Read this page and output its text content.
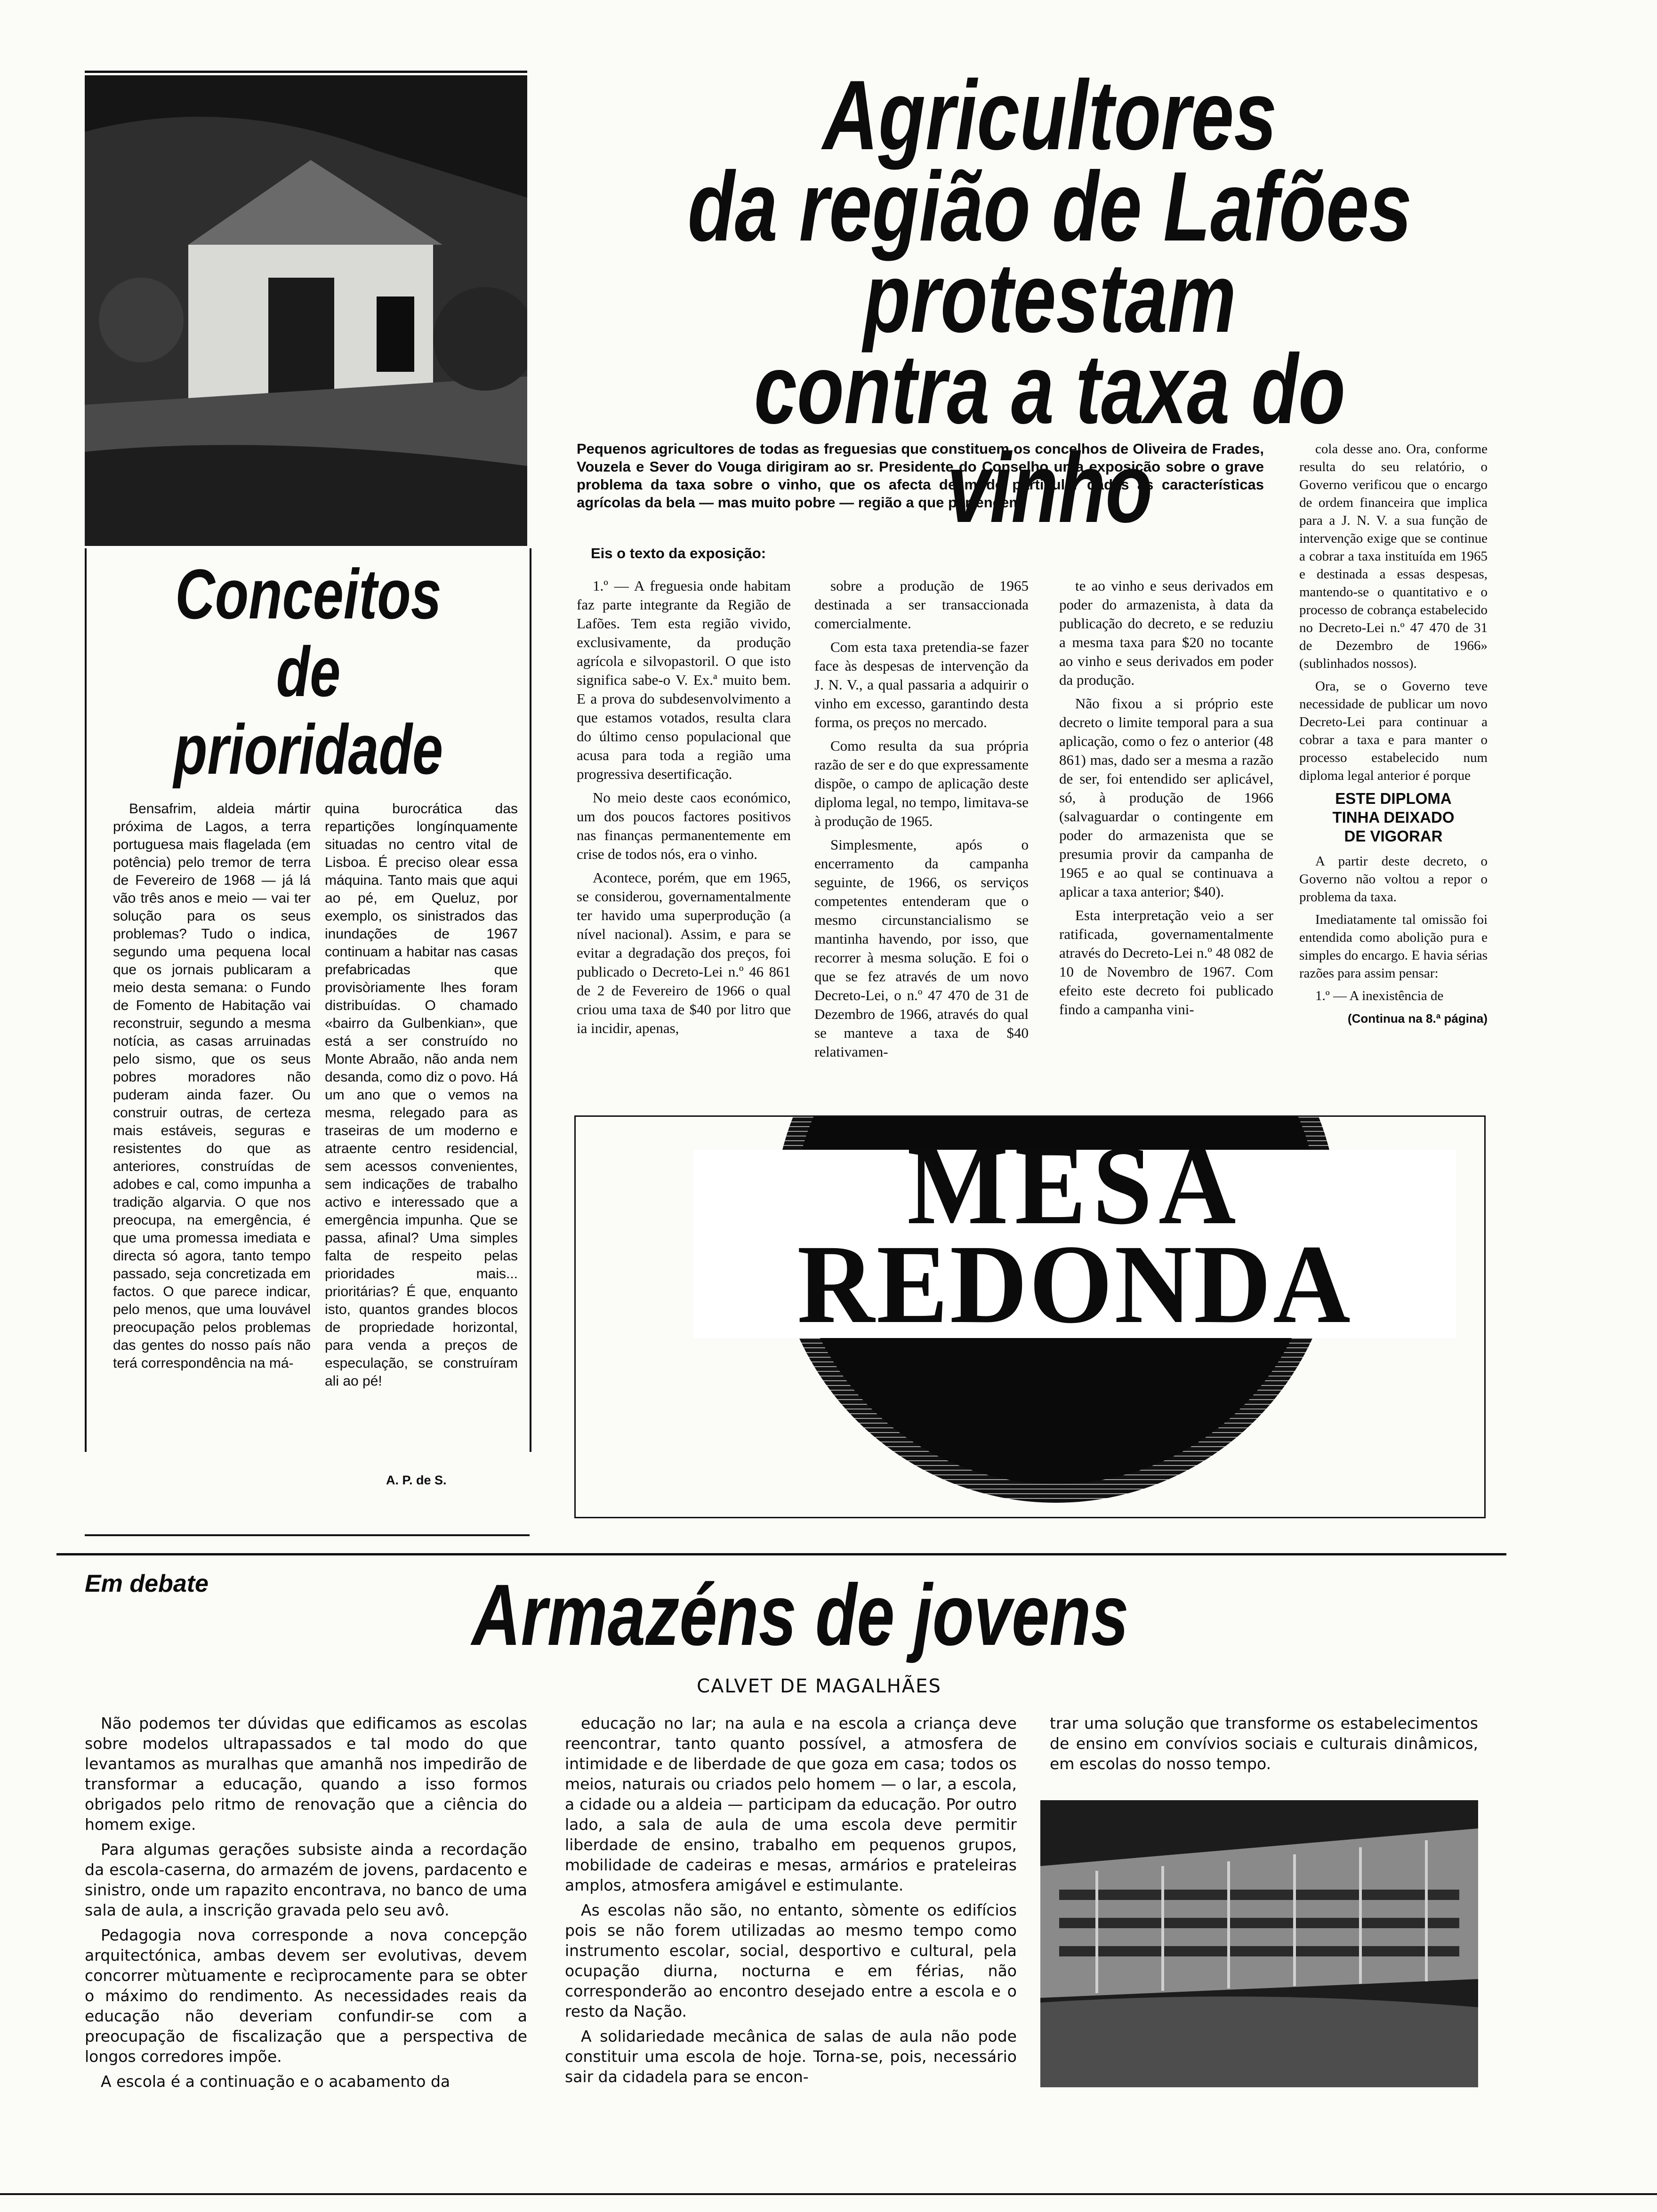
Agricultores
da região de Lafões
protestam
contra a taxa do vinho
Pequenos agricultores de todas as freguesias que constituem os concelhos de Oliveira de Frades, Vouzela e Sever do Vouga dirigiram ao sr. Presidente do Conselho uma exposição sobre o grave problema da taxa sobre o vinho, que os afecta de modo particular dadas as características agrícolas da bela — mas muito pobre — região a que pertencem.
Eis o texto da exposição:

1.º — A freguesia onde habitam faz parte integrante da Região de Lafões. Tem esta região vivido, exclusivamente, da produção agrícola e silvopastoril. O que isto significa sabe-o V. Ex.ª muito bem. E a prova do subdesenvolvimento a que estamos votados, resulta clara do último censo populacional que acusa para toda a região uma progressiva desertificação.

No meio deste caos económico, um dos poucos factores positivos nas finanças permanentemente em crise de todos nós, era o vinho.

Acontece, porém, que em 1965, se considerou, governamentalmente ter havido uma superprodução (a nível nacional). Assim, e para se evitar a degradação dos preços, foi publicado o Decreto-Lei n.º 46 861 de 2 de Fevereiro de 1966 o qual criou uma taxa de $40 por litro que ia incidir, apenas,

sobre a produção de 1965 destinada a ser transaccionada comercialmente.

Com esta taxa pretendia-se fazer face às despesas de intervenção da J. N. V., a qual passaria a adquirir o vinho em excesso, garantindo desta forma, os preços no mercado.

Como resulta da sua própria razão de ser e do que expressamente dispõe, o campo de aplicação deste diploma legal, no tempo, limitava-se à produção de 1965.

Simplesmente, após o encerramento da campanha seguinte, de 1966, os serviços competentes entenderam que o mesmo circunstancialismo se mantinha havendo, por isso, que recorrer à mesma solução. E foi o que se fez através de um novo Decreto-Lei, o n.º 47 470 de 31 de Dezembro de 1966, através do qual se manteve a taxa de $40 relativamen-

te ao vinho e seus derivados em poder do armazenista, à data da publicação do decreto, e se reduziu a mesma taxa para $20 no tocante ao vinho e seus derivados em poder da produção.

Não fixou a si próprio este decreto o limite temporal para a sua aplicação, como o fez o anterior (48 861) mas, dado ser a mesma a razão de ser, foi entendido ser aplicável, só, à produção de 1966 (salvaguardar o contingente em poder do armazenista que se presumia provir da campanha de 1965 e ao qual se continuava a aplicar a taxa anterior; $40).

Esta interpretação veio a ser ratificada, governamentalmente através do Decreto-Lei n.º 48 082 de 10 de Novembro de 1967. Com efeito este decreto foi publicado findo a campanha vini-

cola desse ano. Ora, conforme resulta do seu relatório, o Governo verificou que o encargo de ordem financeira que implica para a J. N. V. a sua função de intervenção exige que se continue a cobrar a taxa instituída em 1965 e destinada a essas despesas, mantendo-se o quantitativo e o processo de cobrança estabelecido no Decreto-Lei n.º 47 470 de 31 de Dezembro de 1966» (sublinhados nossos).

Ora, se o Governo teve necessidade de publicar um novo Decreto-Lei para continuar a cobrar a taxa e para manter o processo estabelecido num diploma legal anterior é porque

ESTE DIPLOMA
TINHA DEIXADO
DE VIGORAR

A partir deste decreto, o Governo não voltou a repor o problema da taxa.

Imediatamente tal omissão foi entendida como abolição pura e simples do encargo. E havia sérias razões para assim pensar:

1.º — A inexistência de

(Continua na 8.ª página)
Conceitos
de
prioridade
Bensafrim, aldeia mártir próxima de Lagos, a terra portuguesa mais flagelada (em potência) pelo tremor de terra de Fevereiro de 1968 — já lá vão três anos e meio — vai ter solução para os seus problemas? Tudo o indica, segundo uma pequena local que os jornais publicaram a meio desta semana: o Fundo de Fomento de Habitação vai reconstruir, segundo a mesma notícia, as casas arruinadas pelo sismo, que os seus pobres moradores não puderam ainda fazer. Ou construir outras, de certeza mais estáveis, seguras e resistentes do que as anteriores, construídas de adobes e cal, como impunha a tradição algarvia. O que nos preocupa, na emergência, é que uma promessa imediata e directa só agora, tanto tempo passado, seja concretizada em factos. O que parece indicar, pelo menos, que uma louvável preocupação pelos problemas das gentes do nosso país não terá correspondência na má-
quina burocrática das repartições longínquamente situadas no centro vital de Lisboa. É preciso olear essa máquina. Tanto mais que aqui ao pé, em Queluz, por exemplo, os sinistrados das inundações de 1967 continuam a habitar nas casas prefabricadas que provisòriamente lhes foram distribuídas. O chamado «bairro da Gulbenkian», que está a ser construído no Monte Abraão, não anda nem desanda, como diz o povo. Há um ano que o vemos na mesma, relegado para as traseiras de um moderno e atraente centro residencial, sem acessos convenientes, sem indicações de trabalho activo e interessado que a emergência impunha. Que se passa, afinal? Uma simples falta de respeito pelas prioridades mais... prioritárias? É que, enquanto isto, quantos grandes blocos de propriedade horizontal, para venda a preços de especulação, se construíram ali ao pé!
A. P. de S.
MESA
REDONDA
Em debate	Armazéns de jovens
CALVET DE MAGALHÃES

Não podemos ter dúvidas que edificamos as escolas sobre modelos ultrapassados e tal modo do que levantamos as muralhas que amanhã nos impedirão de transformar a educação, quando a isso formos obrigados pelo ritmo de renovação que a ciência do homem exige.

Para algumas gerações subsiste ainda a recordação da escola-caserna, do armazém de jovens, pardacento e sinistro, onde um rapazito encontrava, no banco de uma sala de aula, a inscrição gravada pelo seu avô.

Pedagogia nova corresponde a nova concepção arquitectónica, ambas devem ser evolutivas, devem concorrer mùtuamente e recìprocamente para se obter o máximo do rendimento. As necessidades reais da educação não deveriam confundir-se com a preocupação de fiscalização que a perspectiva de longos corredores impõe.

A escola é a continuação e o acabamento da

educação no lar; na aula e na escola a criança deve reencontrar, tanto quanto possível, a atmosfera de intimidade e de liberdade de que goza em casa; todos os meios, naturais ou criados pelo homem — o lar, a escola, a cidade ou a aldeia — participam da educação. Por outro lado, a sala de aula de uma escola deve permitir liberdade de ensino, trabalho em pequenos grupos, mobilidade de cadeiras e mesas, armários e prateleiras amplos, atmosfera amigável e estimulante.

As escolas não são, no entanto, sòmente os edifícios pois se não forem utilizadas ao mesmo tempo como instrumento escolar, social, desportivo e cultural, pela ocupação diurna, nocturna e em férias, não corresponderão ao encontro desejado entre a escola e o resto da Nação.

A solidariedade mecânica de salas de aula não pode constituir uma escola de hoje. Torna-se, pois, necessário sair da cidadela para se encon-

trar uma solução que transforme os estabelecimentos de ensino em convívios sociais e culturais dinâmicos, em escolas do nosso tempo.
